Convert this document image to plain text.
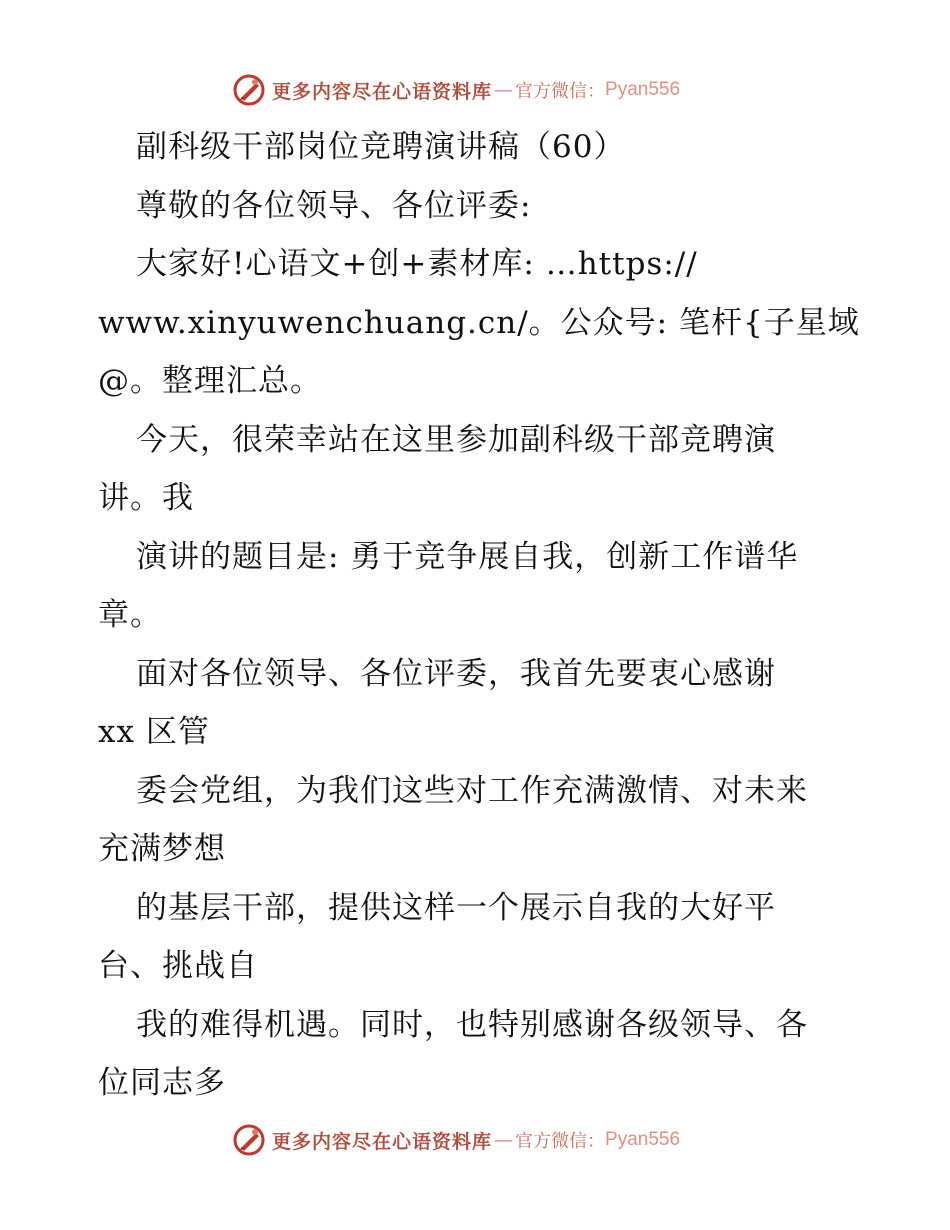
更多内容尽在心语资料库 — 官方微信： Pyan556
副科级干部岗位竞聘演讲稿（60）
尊敬的各位领导、各位评委:
大家好!心语文+创+素材库: …https://
www.xinyuwenchuang.cn/。公众号: 笔杆{子星域
@。整理汇总。
今天，很荣幸站在这里参加副科级干部竞聘演
讲。我
演讲的题目是: 勇于竞争展自我，创新工作谱华
章。
面对各位领导、各位评委，我首先要衷心感谢
xx 区管
委会党组，为我们这些对工作充满激情、对未来
充满梦想
的基层干部，提供这样一个展示自我的大好平
台、挑战自
我的难得机遇。同时，也特别感谢各级领导、各
位同志多
更多内容尽在心语资料库 — 官方微信： Pyan556
